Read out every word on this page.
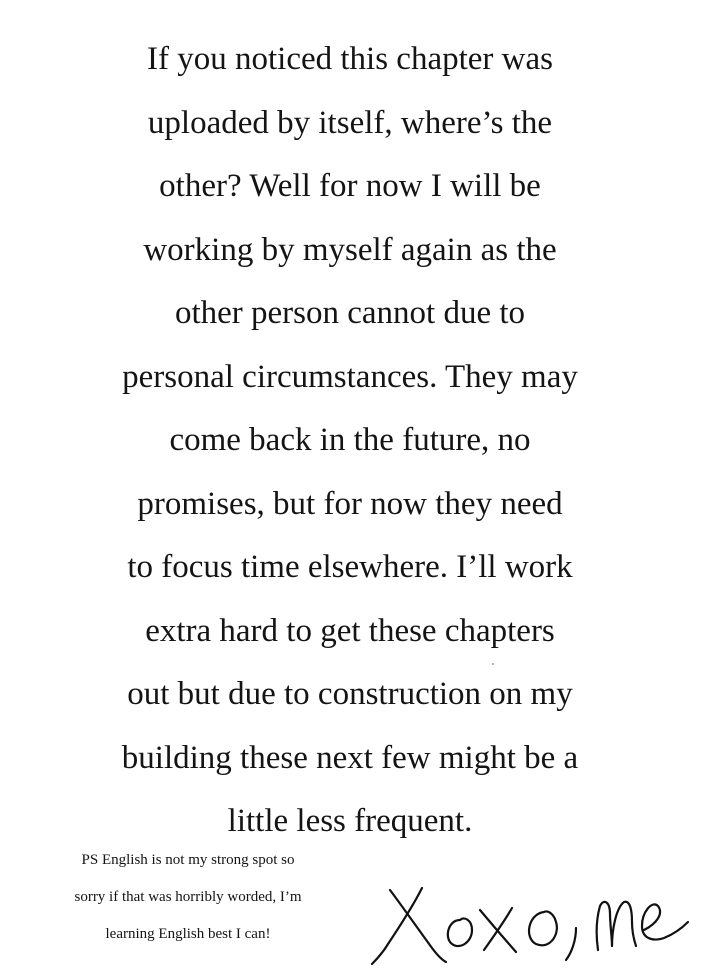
If you noticed this chapter was
uploaded by itself, where’s the
other? Well for now I will be
working by myself again as the
other person cannot due to
personal circumstances. They may
come back in the future, no
promises, but for now they need
to focus time elsewhere. I’ll work
extra hard to get these chapters
out but due to construction on my
building these next few might be a
little less frequent.
PS English is not my strong spot so
sorry if that was horribly worded, I’m
learning English best I can!
